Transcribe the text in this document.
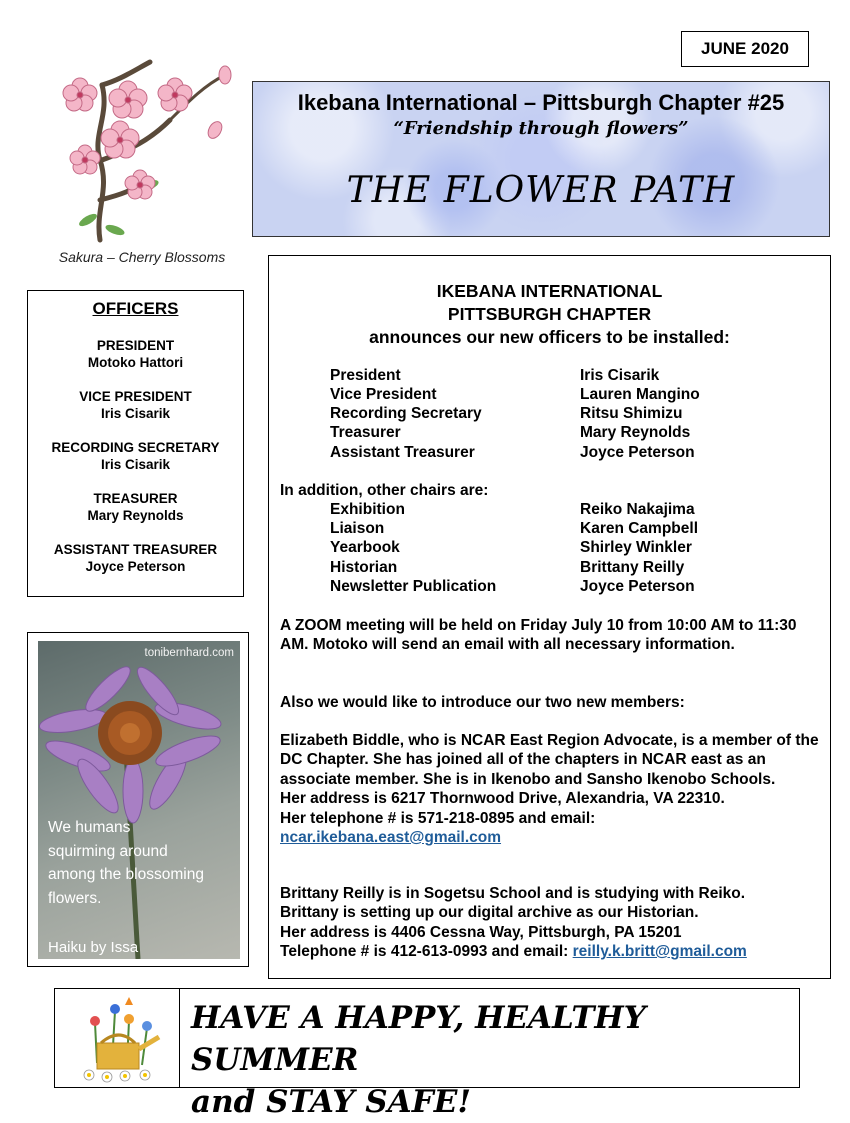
JUNE 2020
Sakura – Cherry Blossoms
Ikebana International – Pittsburgh Chapter #25
“Friendship through flowers”
THE FLOWER PATH
OFFICERS
PRESIDENT
Motoko Hattori
VICE PRESIDENT
Iris Cisarik
RECORDING SECRETARY
Iris Cisarik
TREASURER
Mary Reynolds
ASSISTANT TREASURER
Joyce Peterson
tonibernhard.com
We humans
squirming around
among the blossoming
flowers.
Haiku by Issa
IKEBANA INTERNATIONAL
PITTSBURGH CHAPTER
announces our new officers to be installed:
President	Iris Cisarik
Vice President	Lauren Mangino
Recording Secretary	Ritsu Shimizu
Treasurer	Mary Reynolds
Assistant Treasurer	Joyce Peterson
In addition, other chairs are:
Exhibition	Reiko Nakajima
Liaison	Karen Campbell
Yearbook	Shirley Winkler
Historian	Brittany Reilly
Newsletter Publication	Joyce Peterson
A ZOOM meeting will be held on Friday July 10 from 10:00 AM to 11:30 AM. Motoko will send an email with all necessary information.
Also we would like to introduce our two new members:
Elizabeth Biddle, who is NCAR East Region Advocate, is a member of the DC Chapter. She has joined all of the chapters in NCAR east as an associate member. She is in Ikenobo and Sansho Ikenobo Schools.
Her address is 6217 Thornwood Drive, Alexandria, VA 22310.
Her telephone # is 571-218-0895 and email:
ncar.ikebana.east@gmail.com
Brittany Reilly is in Sogetsu School and is studying with Reiko.
Brittany is setting up our digital archive as our Historian.
Her address is 4406 Cessna Way, Pittsburgh, PA 15201
Telephone # is 412-613-0993 and email: reilly.k.britt@gmail.com
HAVE A HAPPY, HEALTHY SUMMER
and STAY SAFE!
